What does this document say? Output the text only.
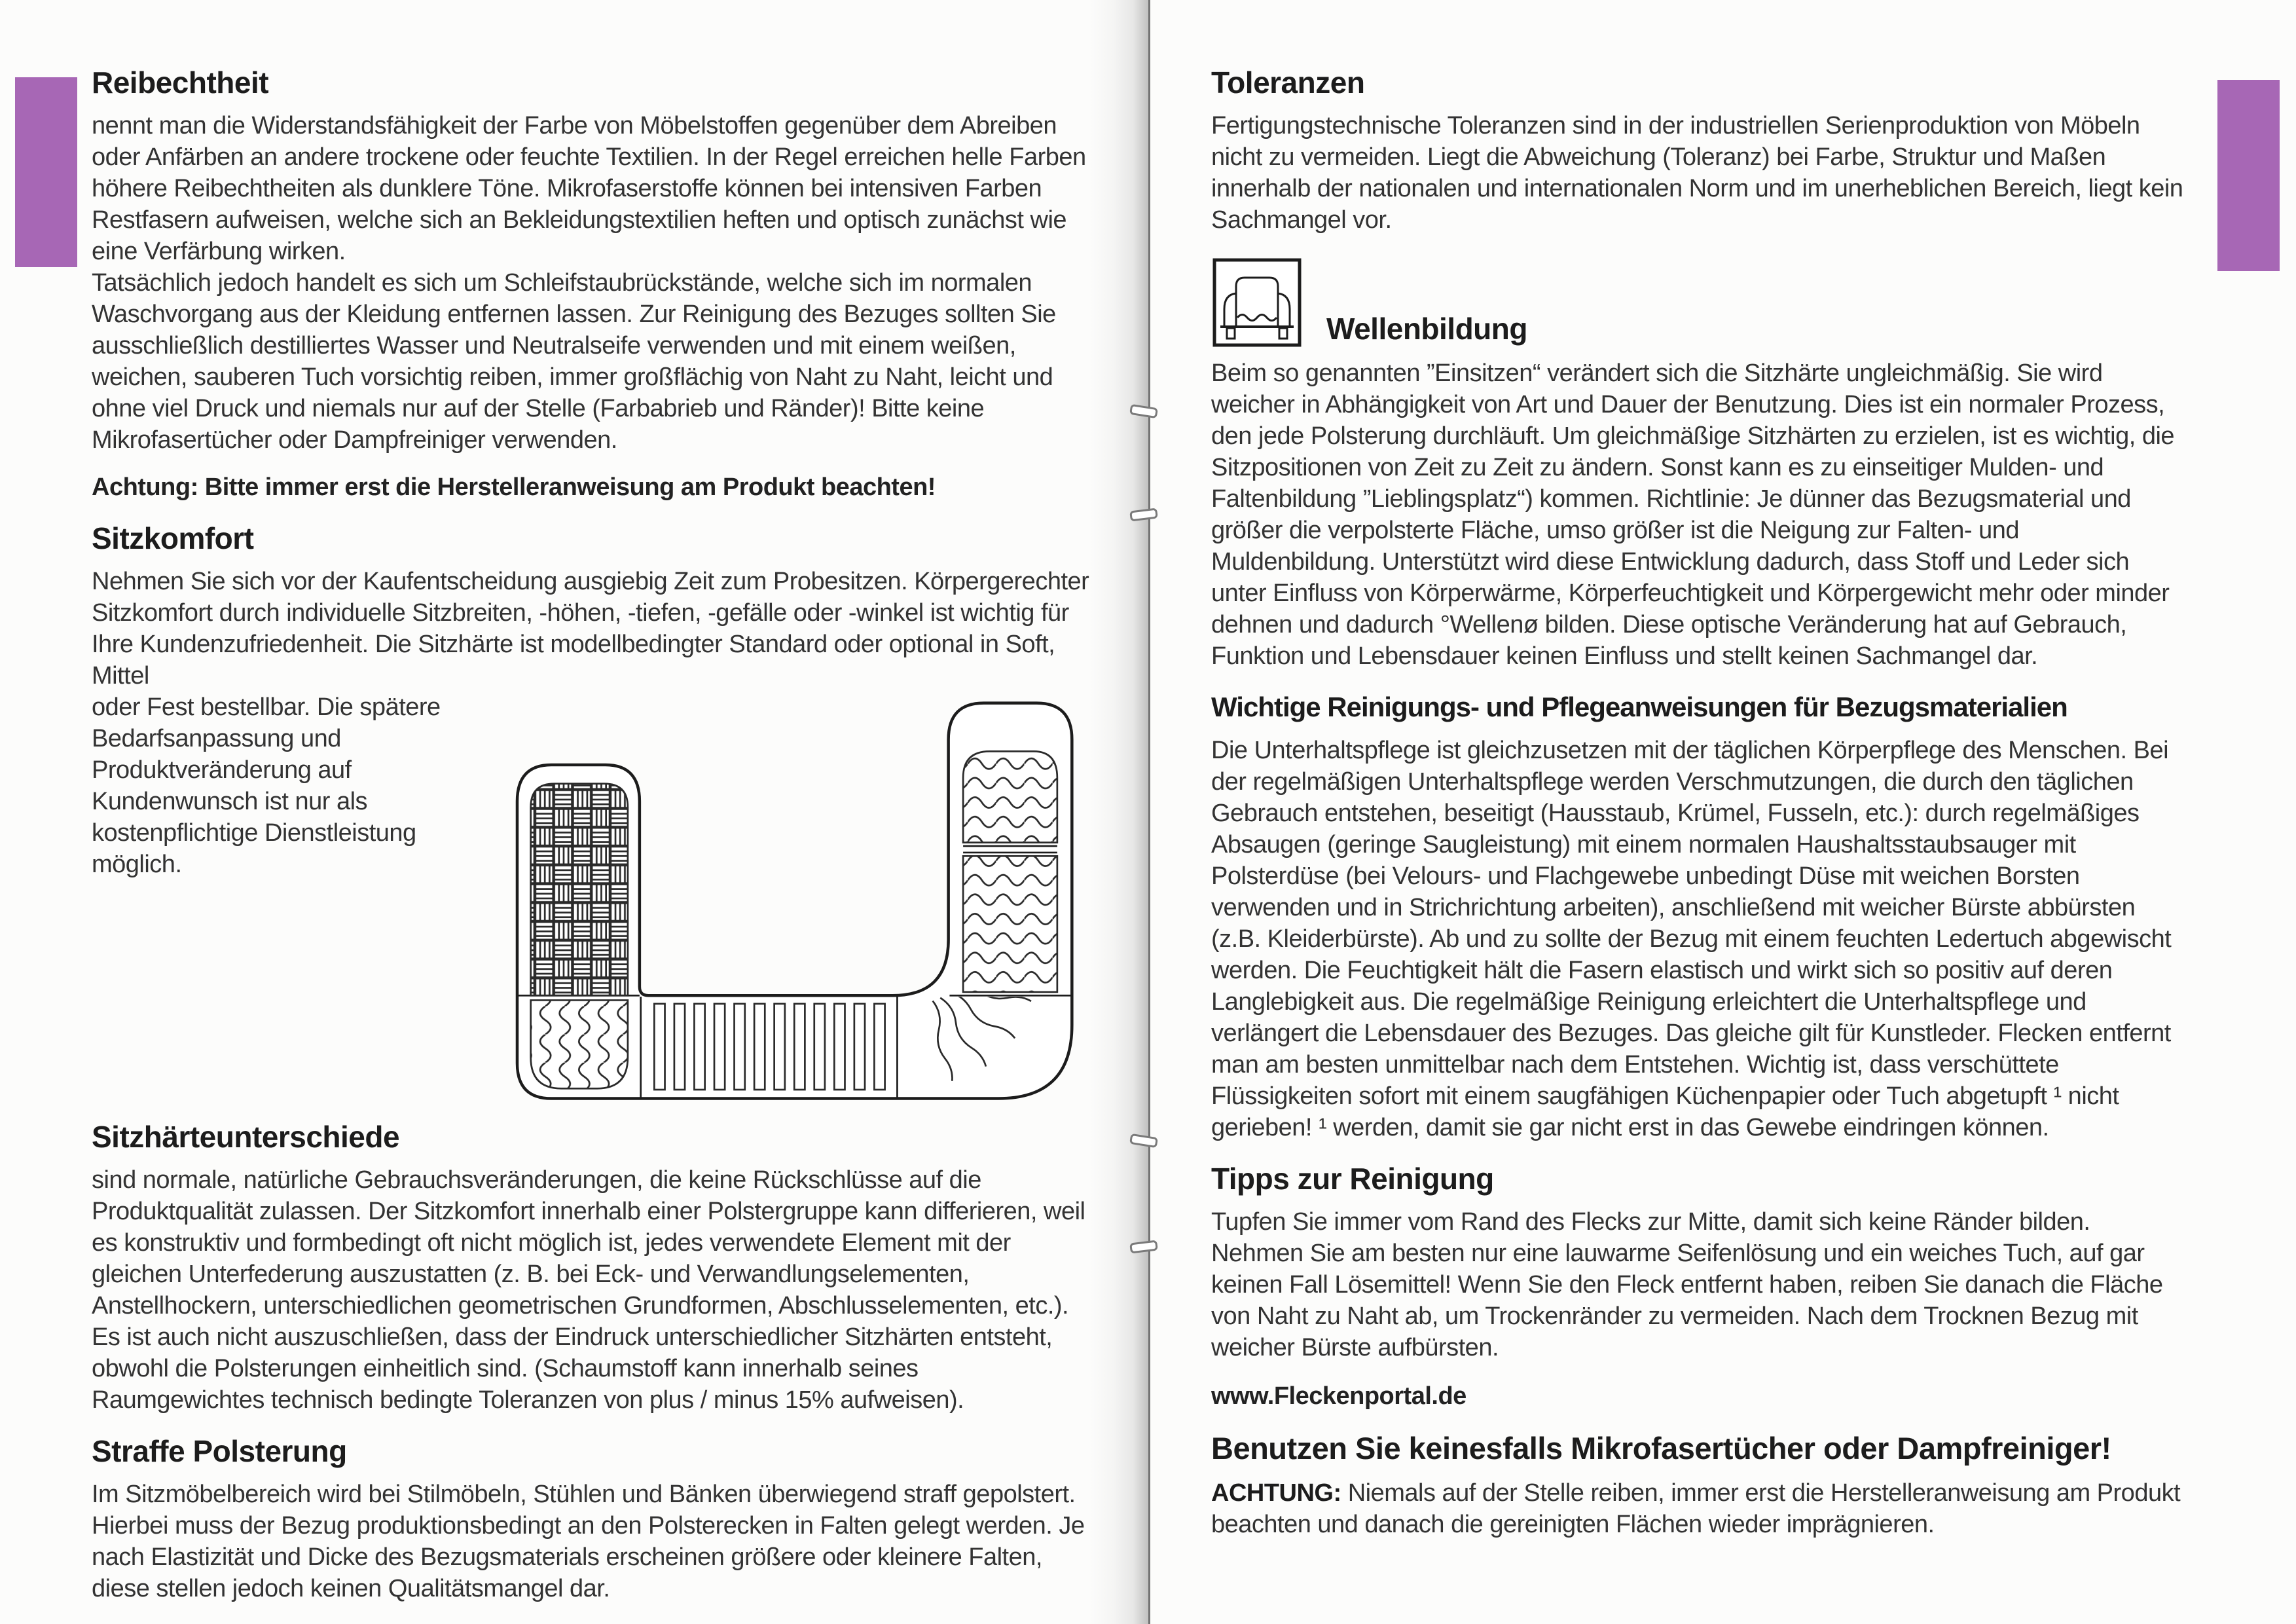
Reibechtheit

nennt man die Widerstandsfähigkeit der Farbe von Möbelstoffen gegenüber dem Abreiben oder Anfärben an andere trockene oder feuchte Textilien. In der Regel erreichen helle Farben höhere Reibechtheiten als dunklere Töne. Mikrofaserstoffe können bei intensiven Farben Restfasern aufweisen, welche sich an Bekleidungstextilien heften und optisch zunächst wie eine Verfärbung wirken.

Tatsächlich jedoch handelt es sich um Schleifstaubrückstände, welche sich im normalen Waschvorgang aus der Kleidung entfernen lassen. Zur Reinigung des Bezuges sollten Sie ausschließlich destilliertes Wasser und Neutralseife verwenden und mit einem weißen, weichen, sauberen Tuch vorsichtig reiben, immer großflächig von Naht zu Naht, leicht und ohne viel Druck und niemals nur auf der Stelle (Farbabrieb und Ränder)! Bitte keine Mikrofasertücher oder Dampfreiniger verwenden.

Achtung: Bitte immer erst die Herstelleranweisung am Produkt beachten!

Sitzkomfort

Nehmen Sie sich vor der Kaufentscheidung ausgiebig Zeit zum Probesitzen. Körpergerechter Sitzkomfort durch individuelle Sitzbreiten, -höhen, -tiefen, -gefälle oder -winkel ist wichtig für Ihre Kundenzufriedenheit. Die Sitzhärte ist modellbedingter Standard oder optional in Soft, Mittel

oder Fest bestellbar. Die spätere Bedarfsanpassung und Produktveränderung auf Kundenwunsch ist nur als kostenpflichtige Dienstleistung möglich.

Sitzhärteunterschiede

sind normale, natürliche Gebrauchsveränderungen, die keine Rückschlüsse auf die Produktqualität zulassen. Der Sitzkomfort innerhalb einer Polstergruppe kann differieren, weil es konstruktiv und formbedingt oft nicht möglich ist, jedes verwendete Element mit der gleichen Unterfederung auszustatten (z. B. bei Eck- und Verwandlungselementen, Anstellhockern, unterschiedlichen geometrischen Grundformen, Abschlusselementen, etc.).

Es ist auch nicht auszuschließen, dass der Eindruck unterschiedlicher Sitzhärten entsteht, obwohl die Polsterungen einheitlich sind. (Schaumstoff kann innerhalb seines Raumgewichtes technisch bedingte Toleranzen von plus / minus 15% aufweisen).

Straffe Polsterung

Im Sitzmöbelbereich wird bei Stilmöbeln, Stühlen und Bänken überwiegend straff gepolstert. Hierbei muss der Bezug produktionsbedingt an den Polsterecken in Falten gelegt werden. Je nach Elastizität und Dicke des Bezugsmaterials erscheinen größere oder kleinere Falten, diese stellen jedoch keinen Qualitätsmangel dar.

Toleranzen

Fertigungstechnische Toleranzen sind in der industriellen Serienproduktion von Möbeln nicht zu vermeiden. Liegt die Abweichung (Toleranz) bei Farbe, Struktur und Maßen innerhalb der nationalen und internationalen Norm und im unerheblichen Bereich, liegt kein Sachmangel vor.

Wellenbildung

Beim so genannten ”Einsitzen“ verändert sich die Sitzhärte ungleichmäßig. Sie wird weicher in Abhängigkeit von Art und Dauer der Benutzung. Dies ist ein normaler Prozess, den jede Polsterung durchläuft. Um gleichmäßige Sitzhärten zu erzielen, ist es wichtig, die Sitzpositionen von Zeit zu Zeit zu ändern. Sonst kann es zu einseitiger Mulden- und Faltenbildung ”Lieblingsplatz“) kommen. Richtlinie: Je dünner das Bezugsmaterial und größer die verpolsterte Fläche, umso größer ist die Neigung zur Falten- und Muldenbildung. Unterstützt wird diese Entwicklung dadurch, dass Stoff und Leder sich unter Einfluss von Körperwärme, Körperfeuchtigkeit und Körpergewicht mehr oder minder dehnen und dadurch °Wellenø bilden. Diese optische Veränderung hat auf Gebrauch, Funktion und Lebensdauer keinen Einfluss und stellt keinen Sachmangel dar.

Wichtige Reinigungs- und Pflegeanweisungen für Bezugsmaterialien

Die Unterhaltspflege ist gleichzusetzen mit der täglichen Körperpflege des Menschen. Bei der regelmäßigen Unterhaltspflege werden Verschmutzungen, die durch den täglichen Gebrauch entstehen, beseitigt (Hausstaub, Krümel, Fusseln, etc.): durch regelmäßiges Absaugen (geringe Saugleistung) mit einem normalen Haushaltsstaubsauger mit Polsterdüse (bei Velours- und Flachgewebe unbedingt Düse mit weichen Borsten verwenden und in Strichrichtung arbeiten), anschließend mit weicher Bürste abbürsten (z.B. Kleiderbürste). Ab und zu sollte der Bezug mit einem feuchten Ledertuch abgewischt werden. Die Feuchtigkeit hält die Fasern elastisch und wirkt sich so positiv auf deren Langlebigkeit aus. Die regelmäßige Reinigung erleichtert die Unterhaltspflege und verlängert die Lebensdauer des Bezuges. Das gleiche gilt für Kunstleder. Flecken entfernt man am besten unmittelbar nach dem Entstehen. Wichtig ist, dass verschüttete Flüssigkeiten sofort mit einem saugfähigen Küchenpapier oder Tuch abgetupft ¹ nicht gerieben! ¹ werden, damit sie gar nicht erst in das Gewebe eindringen können.

Tipps zur Reinigung

Tupfen Sie immer vom Rand des Flecks zur Mitte, damit sich keine Ränder bilden. Nehmen Sie am besten nur eine lauwarme Seifenlösung und ein weiches Tuch, auf gar keinen Fall Lösemittel! Wenn Sie den Fleck entfernt haben, reiben Sie danach die Fläche von Naht zu Naht ab, um Trockenränder zu vermeiden. Nach dem Trocknen Bezug mit weicher Bürste aufbürsten.

www.Fleckenportal.de

Benutzen Sie keinesfalls Mikrofasertücher oder Dampfreiniger!

ACHTUNG: Niemals auf der Stelle reiben, immer erst die Herstelleranweisung am Produkt beachten und danach die gereinigten Flächen wieder imprägnieren.
